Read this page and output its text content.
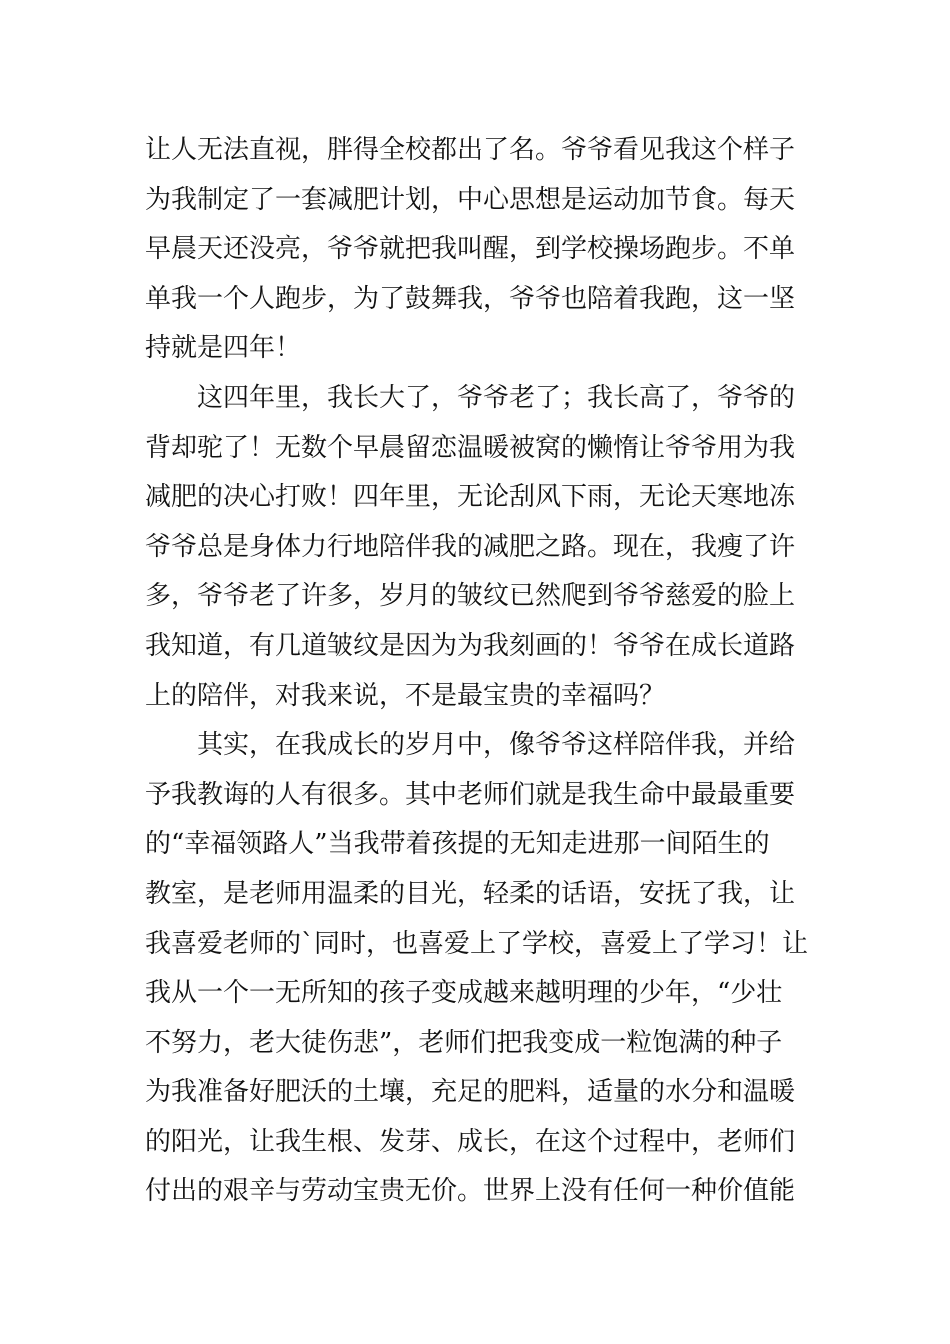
让人无法直视，胖得全校都出了名。爷爷看见我这个样子
为我制定了一套减肥计划，中心思想是运动加节食。每天
早晨天还没亮，爷爷就把我叫醒，到学校操场跑步。不单
单我一个人跑步，为了鼓舞我，爷爷也陪着我跑，这一坚
持就是四年！
这四年里，我长大了，爷爷老了；我长高了，爷爷的
背却驼了！无数个早晨留恋温暖被窝的懒惰让爷爷用为我
减肥的决心打败！四年里，无论刮风下雨，无论天寒地冻
爷爷总是身体力行地陪伴我的减肥之路。现在，我瘦了许
多，爷爷老了许多，岁月的皱纹已然爬到爷爷慈爱的脸上
我知道，有几道皱纹是因为为我刻画的！爷爷在成长道路
上的陪伴，对我来说，不是最宝贵的幸福吗？
其实，在我成长的岁月中，像爷爷这样陪伴我，并给
予我教诲的人有很多。其中老师们就是我生命中最最重要
的“幸福领路人”当我带着孩提的无知走进那一间陌生的
教室，是老师用温柔的目光，轻柔的话语，安抚了我，让
我喜爱老师的`同时，也喜爱上了学校，喜爱上了学习！让
我从一个一无所知的孩子变成越来越明理的少年，“少壮
不努力，老大徒伤悲”，老师们把我变成一粒饱满的种子
为我准备好肥沃的土壤，充足的肥料，适量的水分和温暖
的阳光，让我生根、发芽、成长，在这个过程中，老师们
付出的艰辛与劳动宝贵无价。世界上没有任何一种价值能
